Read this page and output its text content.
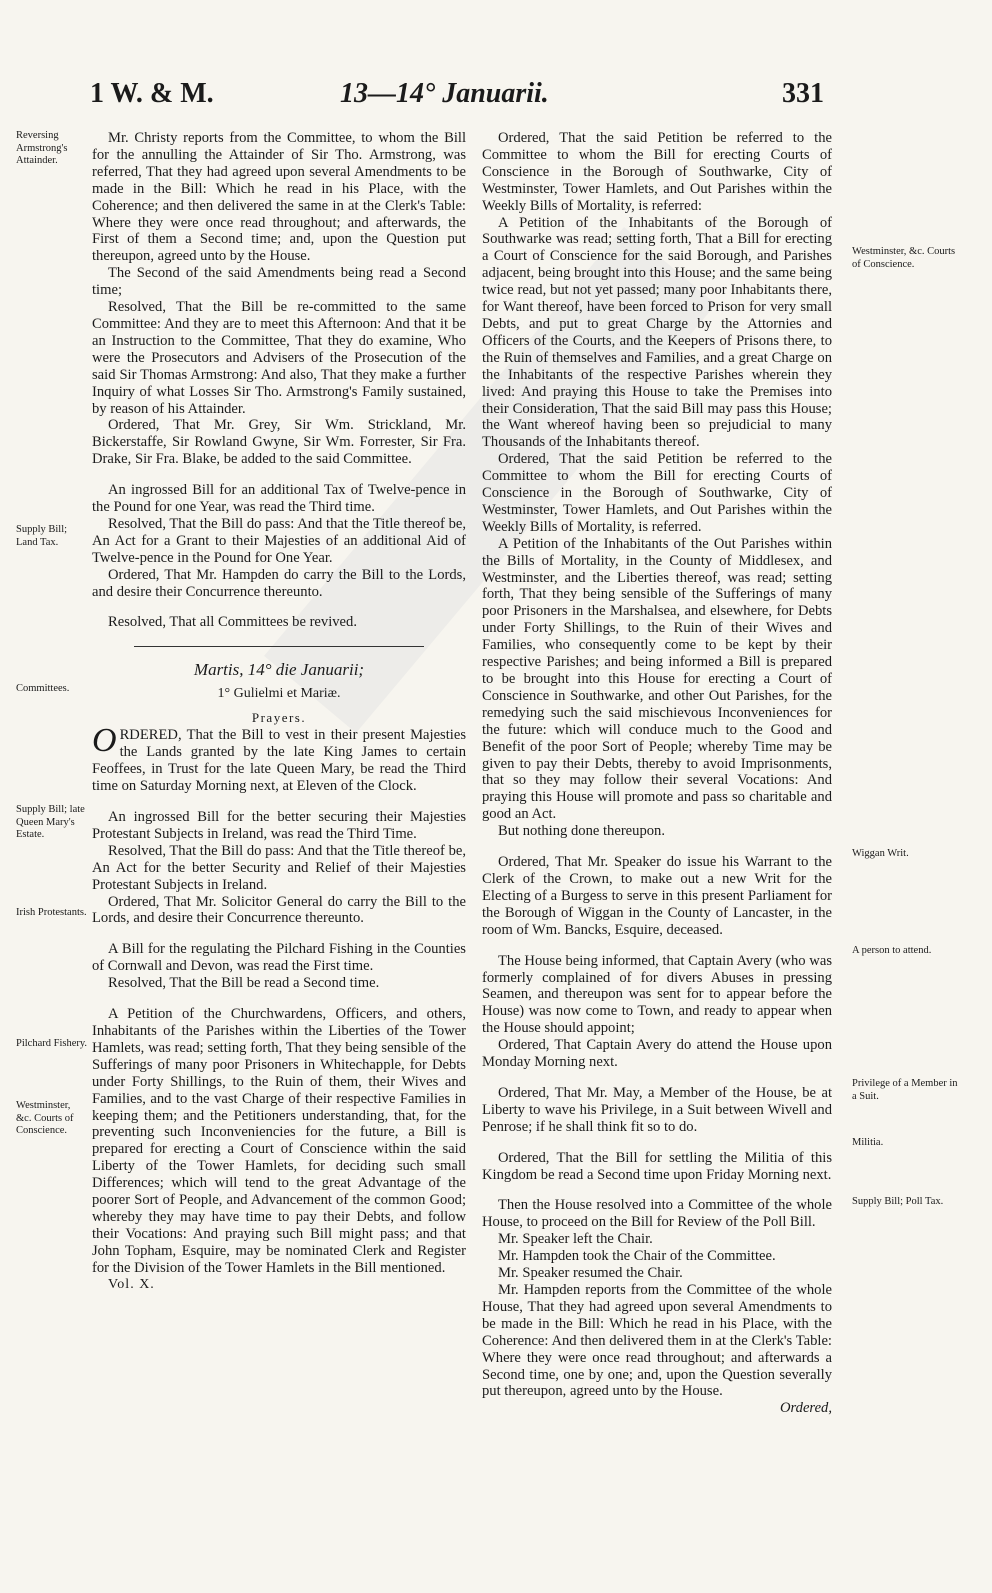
1 W. & M.	13—14° Januarii.	331
Reversing Armstrong's Attainder.
Supply Bill; Land Tax.
Committees.
Supply Bill; late Queen Mary's Estate.
Irish Protestants.
Pilchard Fishery.
Westminster, &c. Courts of Conscience.
Westminster, &c. Courts of Conscience.
Wiggan Writ.
A person to attend.
Privilege of a Member in a Suit.
Militia.
Supply Bill; Poll Tax.

Mr. Christy reports from the Committee, to whom the Bill for the annulling the Attainder of Sir Tho. Armstrong, was referred, That they had agreed upon several Amendments to be made in the Bill: Which he read in his Place, with the Coherence; and then delivered the same in at the Clerk's Table: Where they were once read throughout; and afterwards, the First of them a Second time; and, upon the Question put thereupon, agreed unto by the House.

The Second of the said Amendments being read a Second time;

Resolved, That the Bill be re-committed to the same Committee: And they are to meet this Afternoon: And that it be an Instruction to the Committee, That they do examine, Who were the Prosecutors and Advisers of the Prosecution of the said Sir Thomas Armstrong: And also, That they make a further Inquiry of what Losses Sir Tho. Armstrong's Family sustained, by reason of his Attainder.

Ordered, That Mr. Grey, Sir Wm. Strickland, Mr. Bickerstaffe, Sir Rowland Gwyne, Sir Wm. Forrester, Sir Fra. Drake, Sir Fra. Blake, be added to the said Committee.

An ingrossed Bill for an additional Tax of Twelve-pence in the Pound for one Year, was read the Third time.

Resolved, That the Bill do pass: And that the Title thereof be, An Act for a Grant to their Majesties of an additional Aid of Twelve-pence in the Pound for One Year.

Ordered, That Mr. Hampden do carry the Bill to the Lords, and desire their Concurrence thereunto.

Resolved, That all Committees be revived.

Martis, 14° die Januarii;
1° Gulielmi et Mariæ.
Prayers.

ORDERED, That the Bill to vest in their present Majesties the Lands granted by the late King James to certain Feoffees, in Trust for the late Queen Mary, be read the Third time on Saturday Morning next, at Eleven of the Clock.

An ingrossed Bill for the better securing their Majesties Protestant Subjects in Ireland, was read the Third Time.

Resolved, That the Bill do pass: And that the Title thereof be, An Act for the better Security and Relief of their Majesties Protestant Subjects in Ireland.

Ordered, That Mr. Solicitor General do carry the Bill to the Lords, and desire their Concurrence thereunto.

A Bill for the regulating the Pilchard Fishing in the Counties of Cornwall and Devon, was read the First time.

Resolved, That the Bill be read a Second time.

A Petition of the Churchwardens, Officers, and others, Inhabitants of the Parishes within the Liberties of the Tower Hamlets, was read; setting forth, That they being sensible of the Sufferings of many poor Prisoners in Whitechapple, for Debts under Forty Shillings, to the Ruin of them, their Wives and Families, and to the vast Charge of their respective Families in keeping them; and the Petitioners understanding, that, for the preventing such Inconveniencies for the future, a Bill is prepared for erecting a Court of Conscience within the said Liberty of the Tower Hamlets, for deciding such small Differences; which will tend to the great Advantage of the poorer Sort of People, and Advancement of the common Good; whereby they may have time to pay their Debts, and follow their Vocations: And praying such Bill might pass; and that John Topham, Esquire, may be nominated Clerk and Register for the Division of the Tower Hamlets in the Bill mentioned.

Vol. X.

Ordered, That the said Petition be referred to the Committee to whom the Bill for erecting Courts of Conscience in the Borough of Southwarke, City of Westminster, Tower Hamlets, and Out Parishes within the Weekly Bills of Mortality, is referred:

A Petition of the Inhabitants of the Borough of Southwarke was read; setting forth, That a Bill for erecting a Court of Conscience for the said Borough, and Parishes adjacent, being brought into this House; and the same being twice read, but not yet passed; many poor Inhabitants there, for Want thereof, have been forced to Prison for very small Debts, and put to great Charge by the Attornies and Officers of the Courts, and the Keepers of Prisons there, to the Ruin of themselves and Families, and a great Charge on the Inhabitants of the respective Parishes wherein they lived: And praying this House to take the Premises into their Consideration, That the said Bill may pass this House; the Want whereof having been so prejudicial to many Thousands of the Inhabitants thereof.

Ordered, That the said Petition be referred to the Committee to whom the Bill for erecting Courts of Conscience in the Borough of Southwarke, City of Westminster, Tower Hamlets, and Out Parishes within the Weekly Bills of Mortality, is referred.

A Petition of the Inhabitants of the Out Parishes within the Bills of Mortality, in the County of Middlesex, and Westminster, and the Liberties thereof, was read; setting forth, That they being sensible of the Sufferings of many poor Prisoners in the Marshalsea, and elsewhere, for Debts under Forty Shillings, to the Ruin of their Wives and Families, who consequently come to be kept by their respective Parishes; and being informed a Bill is prepared to be brought into this House for erecting a Court of Conscience in Southwarke, and other Out Parishes, for the remedying such the said mischievous Inconveniences for the future: which will conduce much to the Good and Benefit of the poor Sort of People; whereby Time may be given to pay their Debts, thereby to avoid Imprisonments, that so they may follow their several Vocations: And praying this House will promote and pass so charitable and good an Act.

But nothing done thereupon.

Ordered, That Mr. Speaker do issue his Warrant to the Clerk of the Crown, to make out a new Writ for the Electing of a Burgess to serve in this present Parliament for the Borough of Wiggan in the County of Lancaster, in the room of Wm. Bancks, Esquire, deceased.

The House being informed, that Captain Avery (who was formerly complained of for divers Abuses in pressing Seamen, and thereupon was sent for to appear before the House) was now come to Town, and ready to appear when the House should appoint;

Ordered, That Captain Avery do attend the House upon Monday Morning next.

Ordered, That Mr. May, a Member of the House, be at Liberty to wave his Privilege, in a Suit between Wivell and Penrose; if he shall think fit so to do.

Ordered, That the Bill for settling the Militia of this Kingdom be read a Second time upon Friday Morning next.

Then the House resolved into a Committee of the whole House, to proceed on the Bill for Review of the Poll Bill.

Mr. Speaker left the Chair.

Mr. Hampden took the Chair of the Committee.

Mr. Speaker resumed the Chair.

Mr. Hampden reports from the Committee of the whole House, That they had agreed upon several Amendments to be made in the Bill: Which he read in his Place, with the Coherence: And then delivered them in at the Clerk's Table: Where they were once read throughout; and afterwards a Second time, one by one; and, upon the Question severally put thereupon, agreed unto by the House.

Ordered,
